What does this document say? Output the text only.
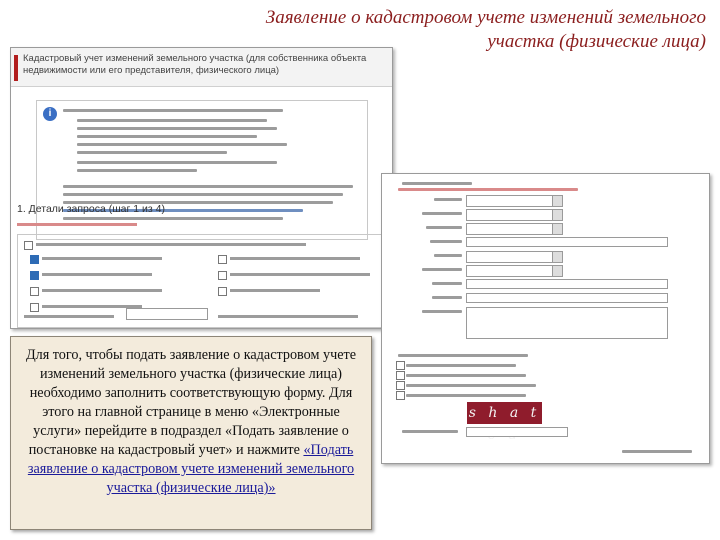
Заявление о кадастровом учете изменений земельного
участка (физические лица)
Кадастровый учет изменений земельного участка (для собственника объекта
недвижимости или его представителя, физического лица)
i
1. Детали запроса (шаг 1 из 4)
s h a t

Для того, чтобы подать заявление о кадастровом учете изменений земельного участка (физические лица) необходимо заполнить соответствующую форму. Для этого на главной странице в меню «Электронные услуги» перейдите в подраздел «Подать заявление о постановке на кадастровый учет» и нажмите «Подать заявление о кадастровом учете изменений земельного участка (физические лица)»
